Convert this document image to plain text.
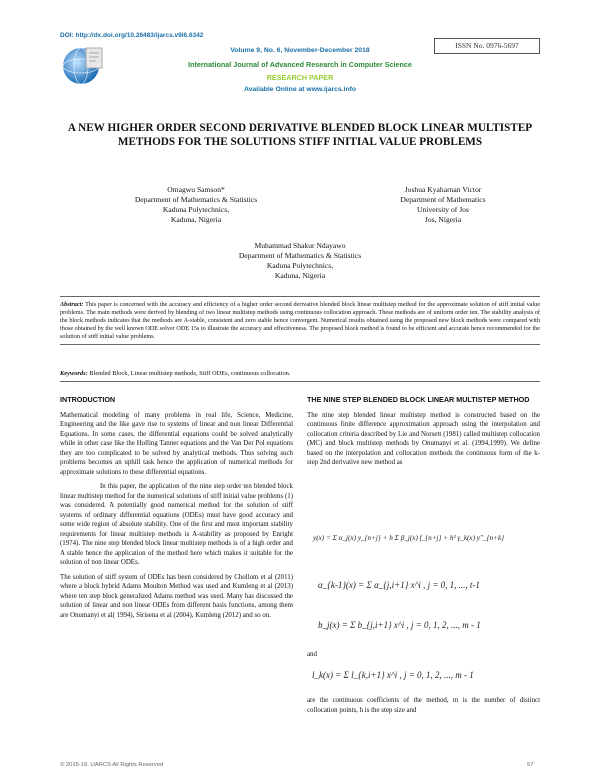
DOI: http://dx.doi.org/10.26483/ijarcs.v9i6.6342
ISSN No. 0976-5697
Volume 9, No. 6, November-December 2018
International Journal of Advanced Research in Computer Science
RESEARCH PAPER
Available Online at www.ijarcs.info
A NEW HIGHER ORDER SECOND DERIVATIVE BLENDED BLOCK LINEAR MULTISTEP METHODS FOR THE SOLUTIONS STIFF INITIAL VALUE PROBLEMS
Omagwu Samson*
Department of Mathematics & Statistics
Kaduna Polytechnics,
Kaduna, Nigeria
Joshua Kyaharnan Victor
Department of Mathematics
University of Jos
Jos, Nigeria
Muhammad Shakur Ndayawo
Department of Mathematics & Statistics
Kaduna Polytechnics,
Kaduna, Nigeria
Abstract: This paper is concerned with the accuracy and efficiency of a higher order second derivative blended block linear multistep method for the approximate solution of stiff initial value problems. The main methods were derived by blending of two linear multistep methods using continuous collocation approach. These methods are of uniform order ten. The stability analysis of the block methods indicates that the methods are A-stable, consistent and zero stable hence convergent. Numerical results obtained using the proposed new block methods were compared with those obtained by the well known ODE solver ODE 15s to illustrate the accuracy and effectiveness. The proposed block method is found to be efficient and accurate hence recommended for the solution of stiff initial value problems.
Keywords: Blended Block, Linear multistep methods, Stiff ODEs, continuous collocation.
INTRODUCTION

Mathematical modeling of many problems in real life, Science, Medicine, Engineering and the like gave rise to systems of linear and non linear Differential Equations. In some cases, the differential equations could be solved analytically while in other case like the Holling Tanner equations and the Van Der Pol equations they are too complicated to be solved by analytical methods. Thus solving such problems becomes an uphill task hence the application of numerical methods for approximate solutions to these differential equations.

In this paper, the application of the nine step order ten blended block linear multistep method for the numerical solutions of stiff initial value problems (1) was considered. A potentially good numerical method for the solution of stiff systems of ordinary differential equations (ODEs) must have good accuracy and some wide region of absolute stability. One of the first and most important stability requirements for linear multistep methods is A-stability as proposed by Enright (1974). The nine step blended block linear multistep methods is of a high order and A stable hence the application of the method here which makes it suitable for the solution of non linear ODEs.

The solution of stiff system of ODEs has been considered by Chollom et al (2011) where a block hybrid Adams Moulton Method was used and Kumleng et al (2013) where ten step block generalized Adams method was used. Many has discussed the solution of linear and non linear ODEs from different basis functions, among them are Onumanyi et al( 1994), Sirisena et al (2004), Kumleng (2012) and so on.

THE NINE STEP BLENDED BLOCK LINEAR MULTISTEP METHOD

The nine step blended linear multistep method is constructed based on the continuous finite difference approximation approach using the interpolation and collocation criteria described by Lie and Norsett (1981) called multistep collocation (MC) and block multistep methods by Onumanyi et al. (1994,1999). We define based on the interpolation and collocation methods the continuous form of the k- step 2nd derivative new method as

y(x) = Σ α_j(x) y_{n+j} + h Σ β_j(x) f_{n+j} + h² γ_k(x) y''_{n+k}
α_{k-1}(x) = Σ α_{j,i+1} x^i , j = 0, 1, ..., t-1
b_j(x) = Σ b_{j,i+1} x^i , j = 0, 1, 2, ..., m - 1
and
l_k(x) = Σ l_{k,i+1} x^i , j = 0, 1, 2, ..., m - 1
are the continuous coefficients of the method, m is the number of distinct collocation points, h is the step size and
© 2015-19, IJARCS All Rights Reserved	57
